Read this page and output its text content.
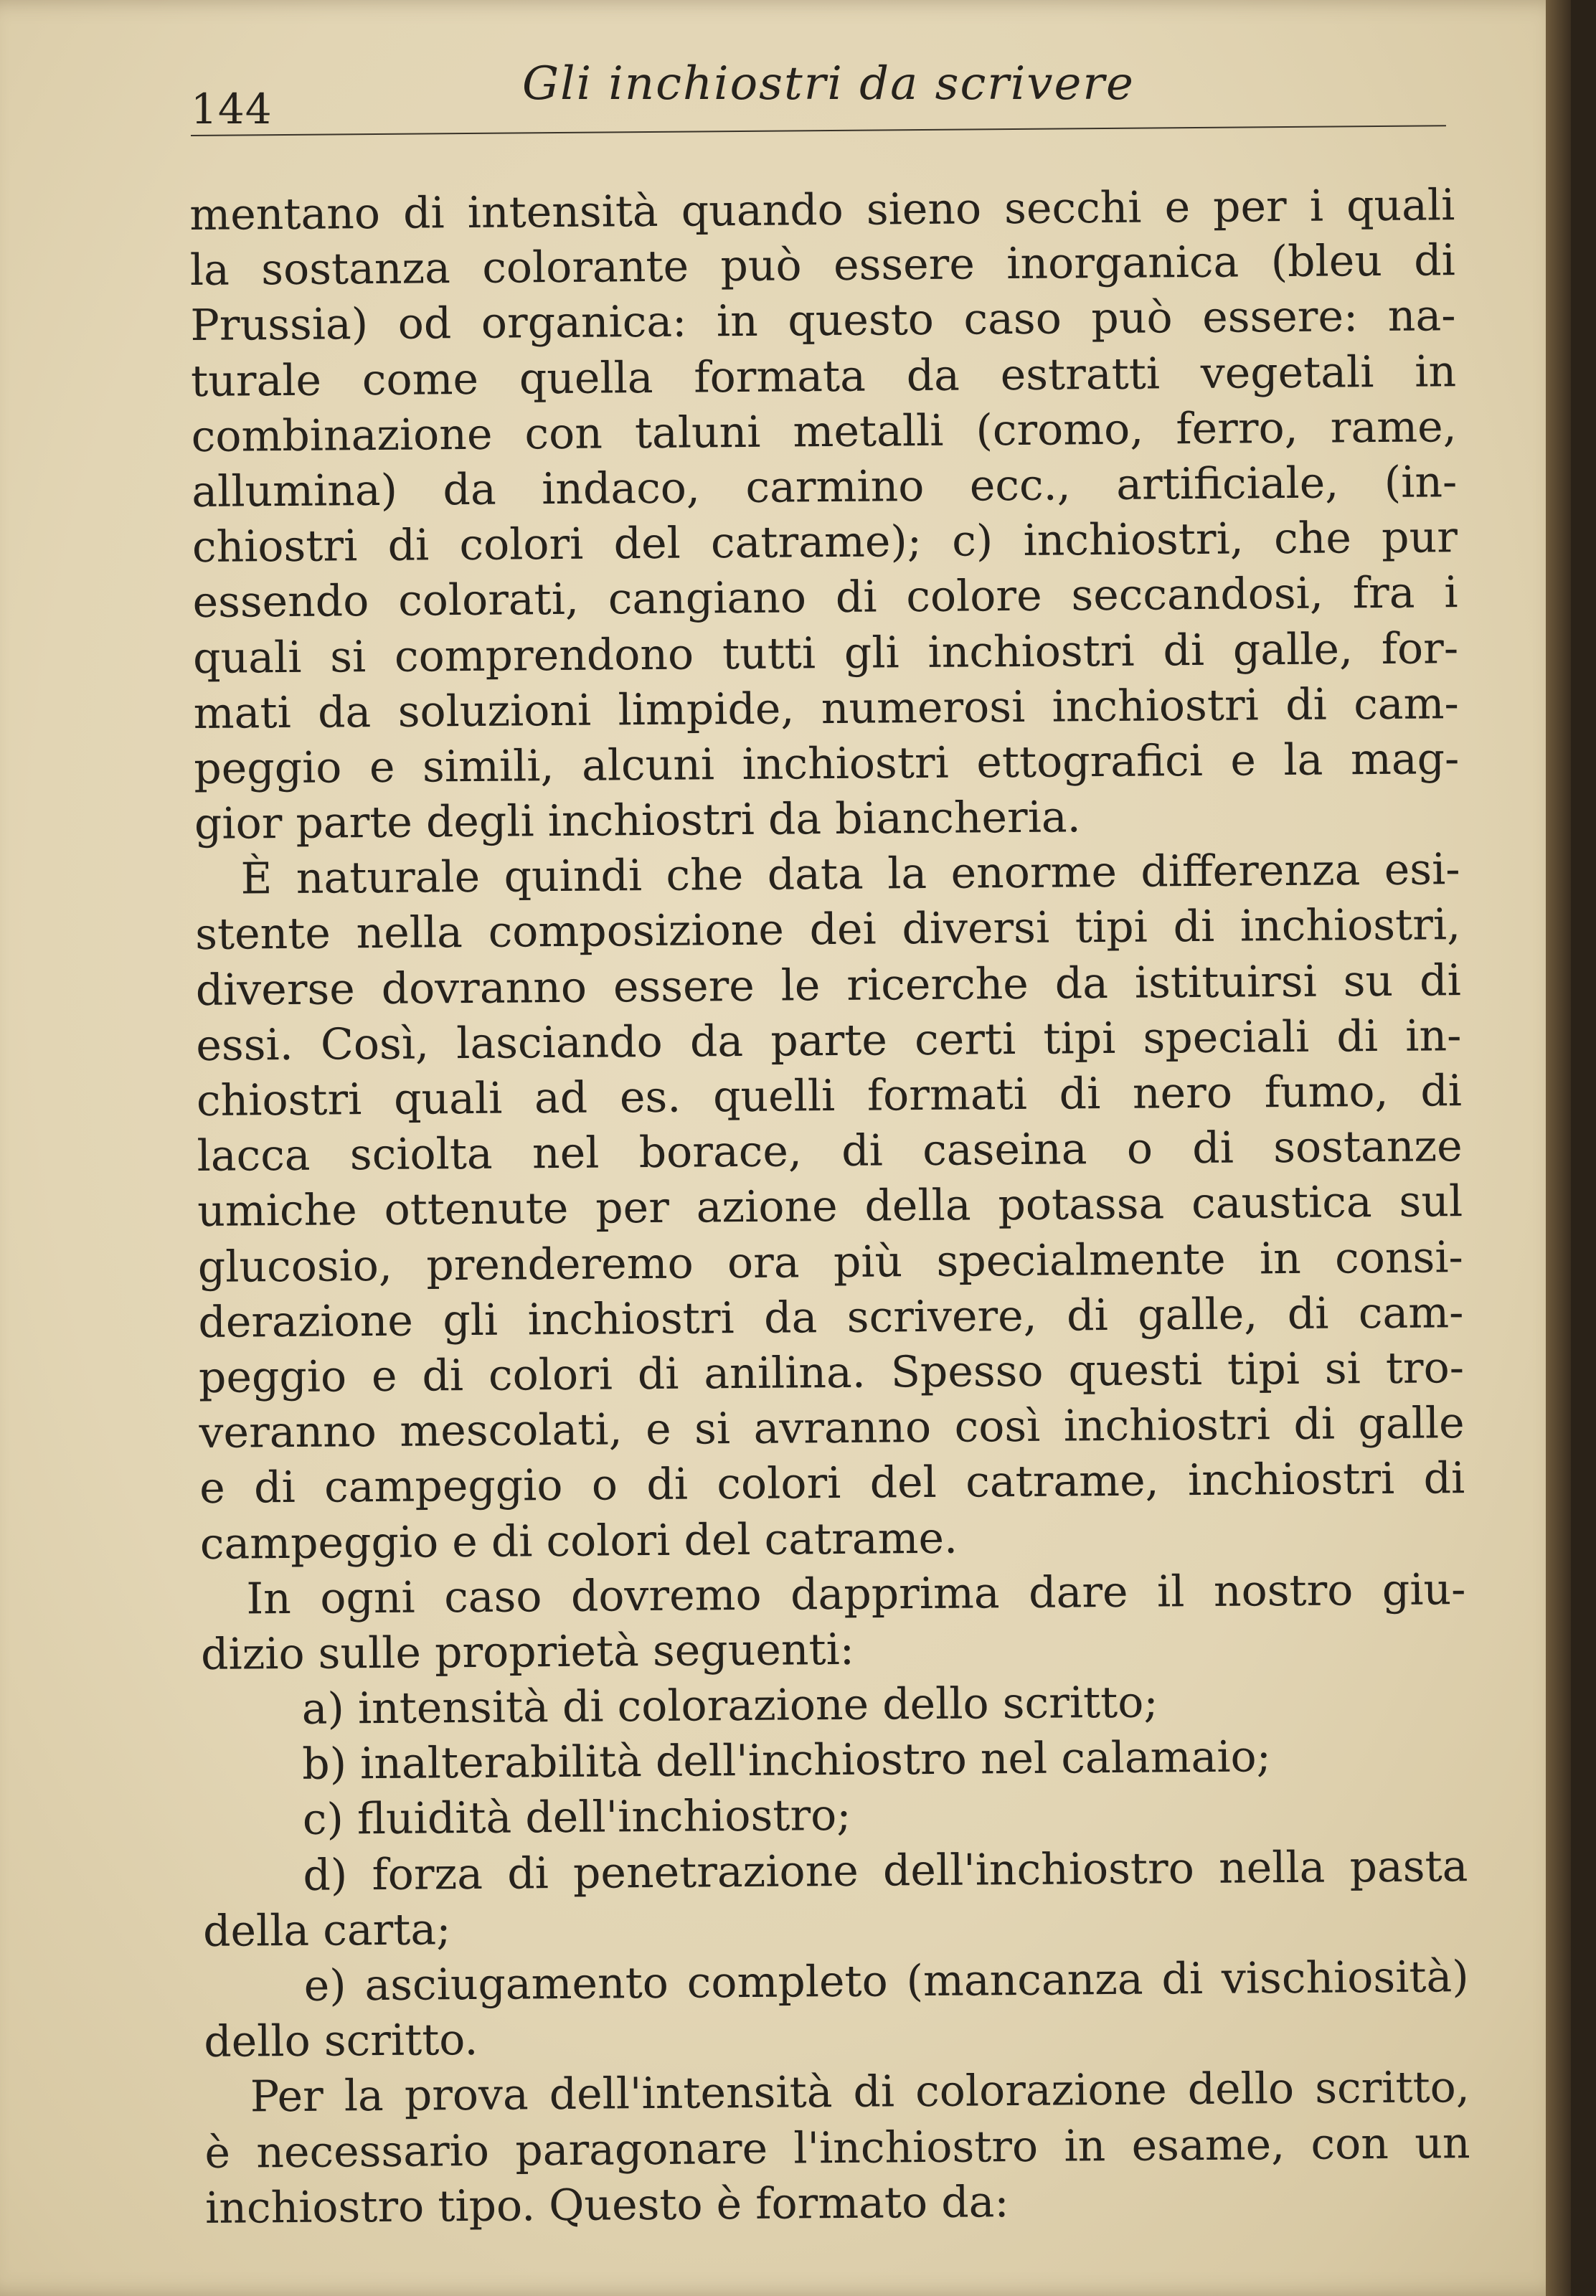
144	Gli inchiostri da scrivere
mentano di intensità quando sieno secchi e per i quali
la sostanza colorante può essere inorganica (bleu di
Prussia) od organica: in questo caso può essere: na-
turale come quella formata da estratti vegetali in
combinazione con taluni metalli (cromo, ferro, rame,
allumina) da indaco, carmino ecc., artificiale, (in-
chiostri di colori del catrame); c) inchiostri, che pur
essendo colorati, cangiano di colore seccandosi, fra i
quali si comprendono tutti gli inchiostri di galle, for-
mati da soluzioni limpide, numerosi inchiostri di cam-
peggio e simili, alcuni inchiostri ettografici e la mag-
gior parte degli inchiostri da biancheria.
È naturale quindi che data la enorme differenza esi-
stente nella composizione dei diversi tipi di inchiostri,
diverse dovranno essere le ricerche da istituirsi su di
essi. Così, lasciando da parte certi tipi speciali di in-
chiostri quali ad es. quelli formati di nero fumo, di
lacca sciolta nel borace, di caseina o di sostanze
umiche ottenute per azione della potassa caustica sul
glucosio, prenderemo ora più specialmente in consi-
derazione gli inchiostri da scrivere, di galle, di cam-
peggio e di colori di anilina. Spesso questi tipi si tro-
veranno mescolati, e si avranno così inchiostri di galle
e di campeggio o di colori del catrame, inchiostri di
campeggio e di colori del catrame.
In ogni caso dovremo dapprima dare il nostro giu-
dizio sulle proprietà seguenti:
a) intensità di colorazione dello scritto;
b) inalterabilità dell'inchiostro nel calamaio;
c) fluidità dell'inchiostro;
d) forza di penetrazione dell'inchiostro nella pasta
della carta;
e) asciugamento completo (mancanza di vischiosità)
dello scritto.
Per la prova dell'intensità di colorazione dello scritto,
è necessario paragonare l'inchiostro in esame, con un
inchiostro tipo. Questo è formato da:
